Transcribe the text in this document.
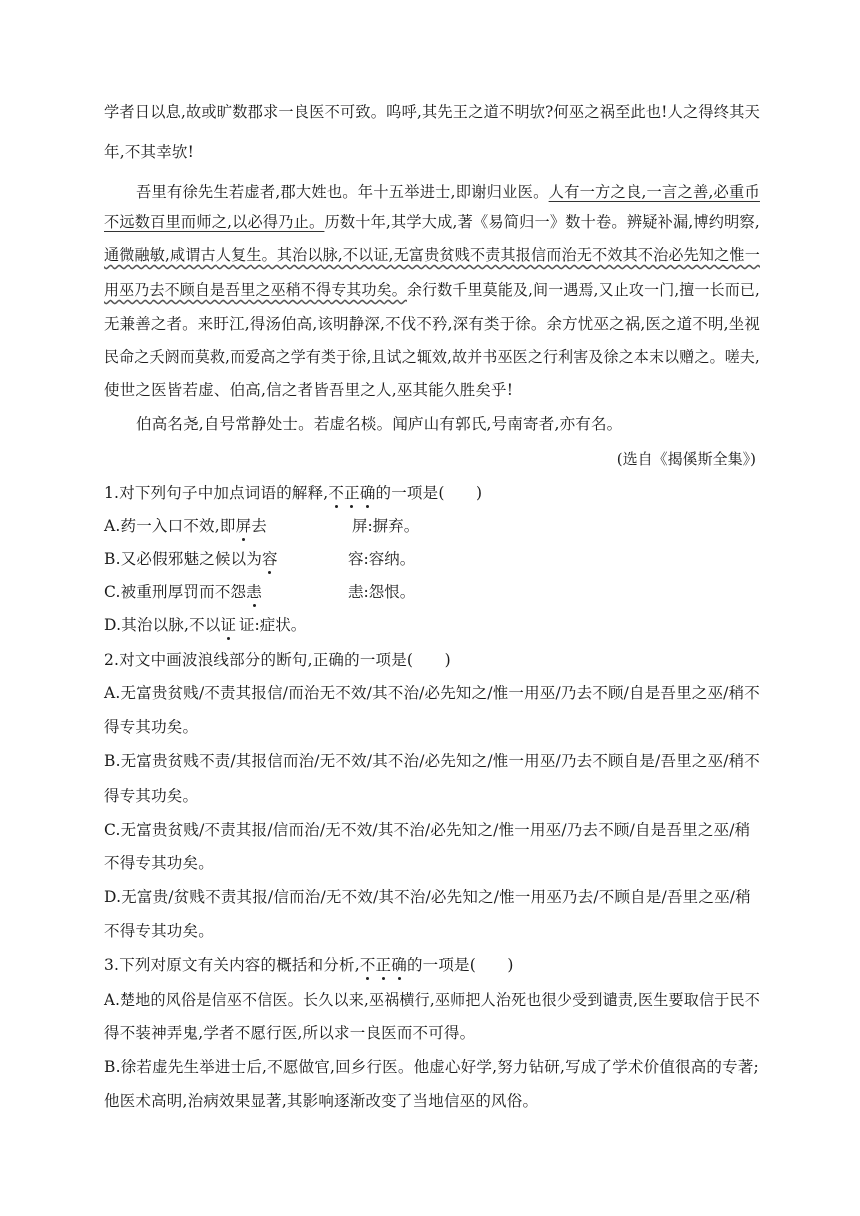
学者日以息,故或旷数郡求一良医不可致。呜呼,其先王之道不明欤?何巫之祸至此也!人之得终其天
年,不其幸欤!
吾里有徐先生若虚者,郡大姓也。年十五举进士,即谢归业医。人有一方之良,一言之善,必重币
不远数百里而师之,以必得乃止。历数十年,其学大成,著《易简归一》数十卷。辨疑补漏,博约明察,
通微融敏,咸谓古人复生。其治以脉,不以证,无富贵贫贱不责其报信而治无不效其不治必先知之惟一
用巫乃去不顾自是吾里之巫稍不得专其功矣。余行数千里莫能及,间一遇焉,又止攻一门,擅一长而已,
无兼善之者。来盱江,得汤伯高,该明静深,不伐不矜,深有类于徐。余方忧巫之祸,医之道不明,坐视
民命之夭阏而莫救,而爱高之学有类于徐,且试之辄效,故并书巫医之行利害及徐之本末以赠之。嗟夫,
使世之医皆若虚、伯高,信之者皆吾里之人,巫其能久胜矣乎!
伯高名尧,自号常静处士。若虚名棪。闻庐山有郭氏,号南寄者,亦有名。
(选自《揭傒斯全集》)
1.对下列句子中加点词语的解释,不正确的一项是(　　)
A.药一入口不效,即屏去	屏:摒弃。
B.又必假邪魅之候以为容	容:容纳。
C.被重刑厚罚而不怨恚	恚:怨恨。
D.其治以脉,不以证 证:症状。
2.对文中画波浪线部分的断句,正确的一项是(　　)
A.无富贵贫贱/不责其报信/而治无不效/其不治/必先知之/惟一用巫/乃去不顾/自是吾里之巫/稍不
得专其功矣。
B.无富贵贫贱不责/其报信而治/无不效/其不治/必先知之/惟一用巫/乃去不顾自是/吾里之巫/稍不
得专其功矣。
C.无富贵贫贱/不责其报/信而治/无不效/其不治/必先知之/惟一用巫/乃去不顾/自是吾里之巫/稍
不得专其功矣。
D.无富贵/贫贱不责其报/信而治/无不效/其不治/必先知之/惟一用巫乃去/不顾自是/吾里之巫/稍
不得专其功矣。
3.下列对原文有关内容的概括和分析,不正确的一项是(　　)
A.楚地的风俗是信巫不信医。长久以来,巫祸横行,巫师把人治死也很少受到谴责,医生要取信于民不
得不装神弄鬼,学者不愿行医,所以求一良医而不可得。
B.徐若虚先生举进士后,不愿做官,回乡行医。他虚心好学,努力钻研,写成了学术价值很高的专著;
他医术高明,治病效果显著,其影响逐渐改变了当地信巫的风俗。
